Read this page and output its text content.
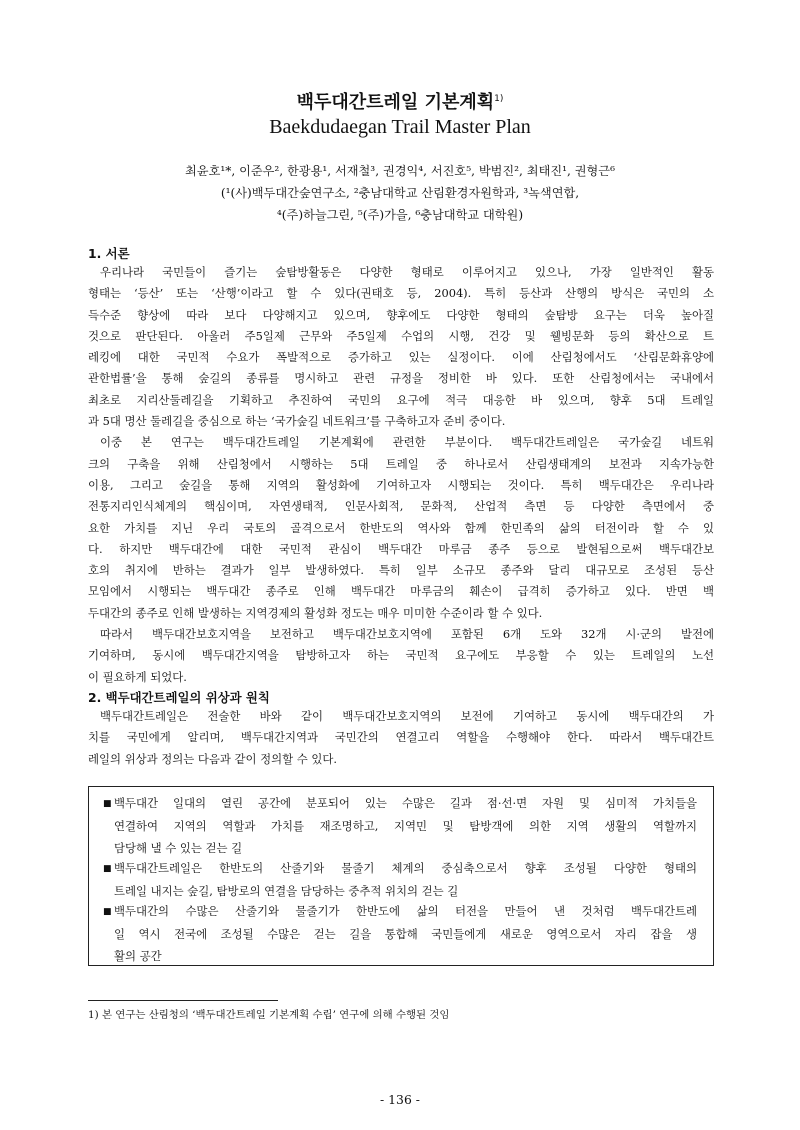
백두대간트레일 기본계획$^{1)}$
Baekdudaegan Trail Master Plan
최윤호¹*, 이준우², 한광용¹, 서재철³, 권경익⁴, 서진호⁵, 박범진², 최태진¹, 권형근⁶
(¹(사)백두대간숲연구소, ²충남대학교 산림환경자원학과, ³녹색연합,
⁴(주)하늘그린, ⁵(주)가을, ⁶충남대학교 대학원)
1. 서론
우리나라 국민들이 즐기는 숲탐방활동은 다양한 형태로 이루어지고 있으나, 가장 일반적인 활동
형태는 ‘등산’ 또는 ‘산행’이라고 할 수 있다(권태호 등, 2004). 특히 등산과 산행의 방식은 국민의 소
득수준 향상에 따라 보다 다양해지고 있으며, 향후에도 다양한 형태의 숲탐방 요구는 더욱 높아질
것으로 판단된다. 아울러 주5일제 근무와 주5일제 수업의 시행, 건강 및 웰빙문화 등의 확산으로 트
레킹에 대한 국민적 수요가 폭발적으로 증가하고 있는 실정이다. 이에 산림청에서도 ‘산림문화휴양에
관한법률’을 통해 숲길의 종류를 명시하고 관련 규정을 정비한 바 있다. 또한 산림청에서는 국내에서
최초로 지리산둘레길을 기획하고 추진하여 국민의 요구에 적극 대응한 바 있으며, 향후 5대 트레일
과 5대 명산 둘레길을 중심으로 하는 ‘국가숲길 네트워크’를 구축하고자 준비 중이다.
이중 본 연구는 백두대간트레일 기본계획에 관련한 부분이다. 백두대간트레일은 국가숲길 네트워
크의 구축을 위해 산림청에서 시행하는 5대 트레일 중 하나로서 산림생태계의 보전과 지속가능한
이용, 그리고 숲길을 통해 지역의 활성화에 기여하고자 시행되는 것이다. 특히 백두대간은 우리나라
전통지리인식체계의 핵심이며, 자연생태적, 인문사회적, 문화적, 산업적 측면 등 다양한 측면에서 중
요한 가치를 지닌 우리 국토의 골격으로서 한반도의 역사와 함께 한민족의 삶의 터전이라 할 수 있
다. 하지만 백두대간에 대한 국민적 관심이 백두대간 마루금 종주 등으로 발현됨으로써 백두대간보
호의 취지에 반하는 결과가 일부 발생하였다. 특히 일부 소규모 종주와 달리 대규모로 조성된 등산
모임에서 시행되는 백두대간 종주로 인해 백두대간 마루금의 훼손이 급격히 증가하고 있다. 반면 백
두대간의 종주로 인해 발생하는 지역경제의 활성화 정도는 매우 미미한 수준이라 할 수 있다.
따라서 백두대간보호지역을 보전하고 백두대간보호지역에 포함된 6개 도와 32개 시·군의 발전에
기여하며, 동시에 백두대간지역을 탐방하고자 하는 국민적 요구에도 부응할 수 있는 트레일의 노선
이 필요하게 되었다.
2. 백두대간트레일의 위상과 원칙
백두대간트레일은 전술한 바와 같이 백두대간보호지역의 보전에 기여하고 동시에 백두대간의 가
치를 국민에게 알리며, 백두대간지역과 국민간의 연결고리 역할을 수행해야 한다. 따라서 백두대간트
레일의 위상과 정의는 다음과 같이 정의할 수 있다.
■ 백두대간 일대의 열린 공간에 분포되어 있는 수많은 길과 점·선·면 자원 및 심미적 가치들을
연결하여 지역의 역할과 가치를 재조명하고, 지역민 및 탐방객에 의한 지역 생활의 역할까지
담당해 낼 수 있는 걷는 길
■ 백두대간트레일은 한반도의 산줄기와 물줄기 체계의 중심축으로서 향후 조성될 다양한 형태의
트레일 내지는 숲길, 탐방로의 연결을 담당하는 중추적 위치의 걷는 길
■ 백두대간의 수많은 산줄기와 물줄기가 한반도에 삶의 터전을 만들어 낸 것처럼 백두대간트레
일 역시 전국에 조성될 수많은 걷는 길을 통합해 국민들에게 새로운 영역으로서 자리 잡을 생
활의 공간
1) 본 연구는 산림청의 ‘백두대간트레일 기본계획 수립’ 연구에 의해 수행된 것임
- 136 -
